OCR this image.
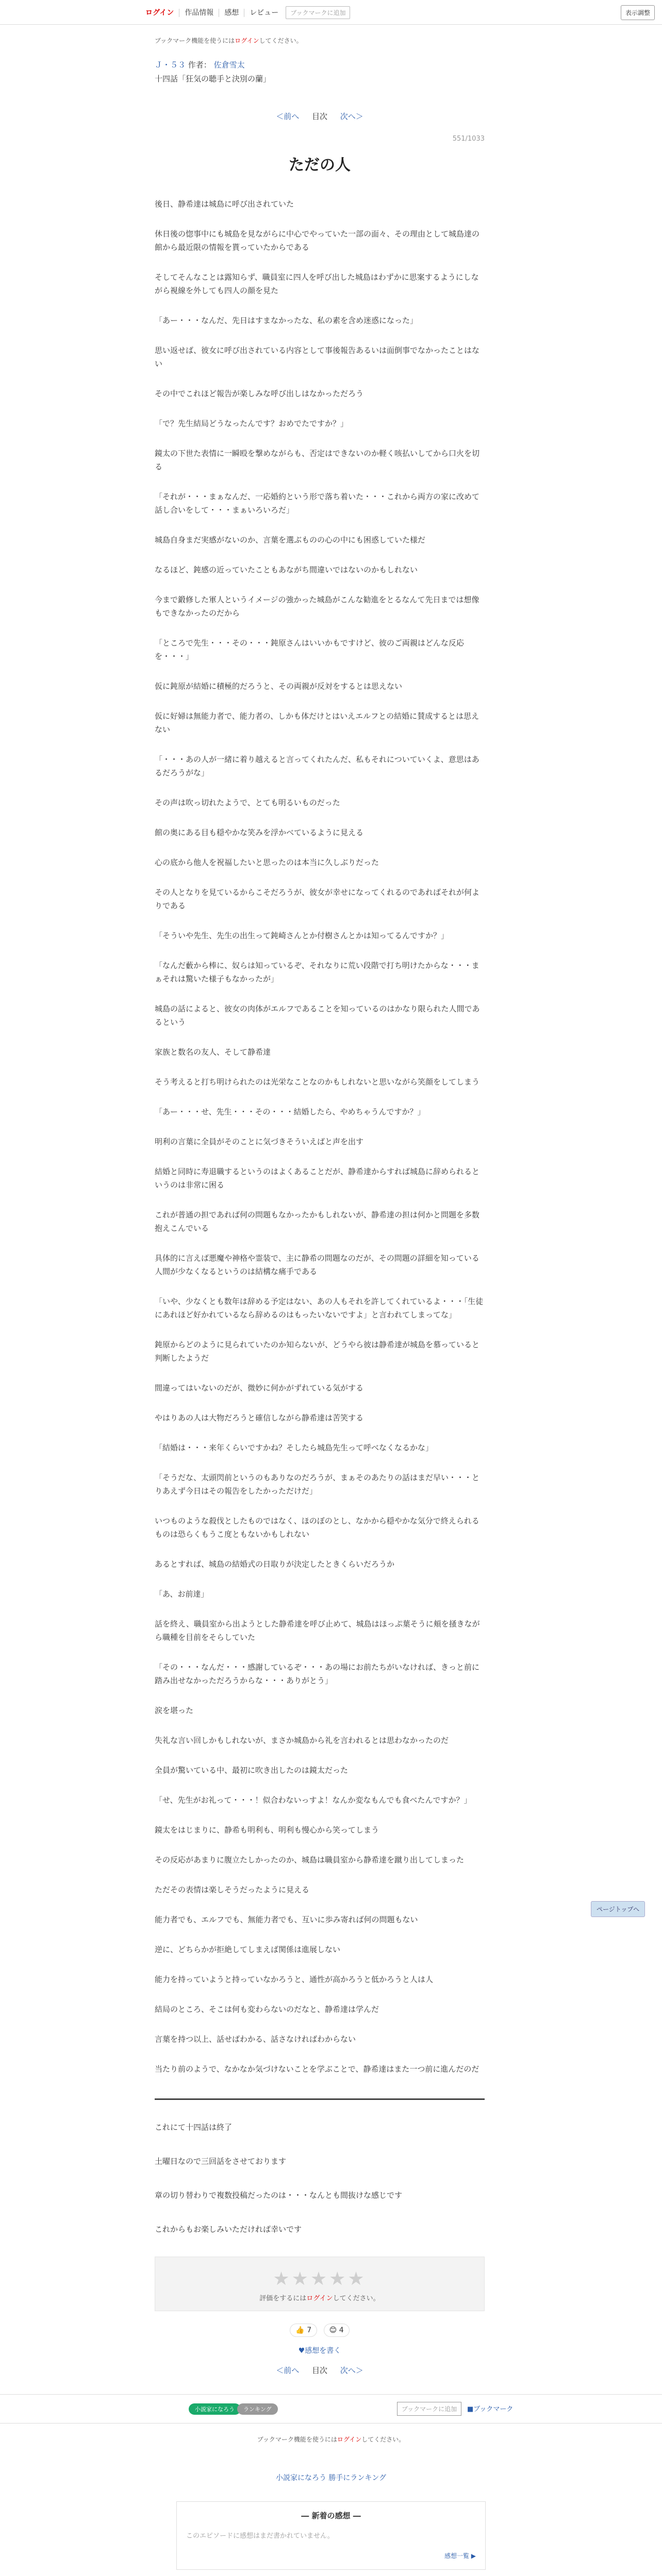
ログイン	作品情報	感想	レビュー	ブックマークに追加	表示調整
ブックマーク機能を使うにはログインしてください。
Ｊ・５３ 作者： 佐倉雪太
十四話「狂気の聴手と決別の蘭」
＜前へ 目次 次へ＞
551/1033
ただの人

後日、静希達は城島に呼び出されていた

休日後の惚事中にも城島を見ながらに中心でやっていた一部の面々、その理由として城島達の館から最近限の情報を貰っていたからである

そしてそんなことは露知らず、職員室に四人を呼び出した城島はわずかに思案するようにしながら視線を外しても四人の顔を見た

「あー・・・なんだ、先日はすまなかったな、私の素を含め迷惑になった」

思い返せば、彼女に呼び出されている内容として事後報告あるいは面倒事でなかったことはない

その中でこれほど報告が楽しみな呼び出しはなかっただろう

「で？先生結局どうなったんです？おめでたですか？」

鏡太の下世た表情に一瞬殴を撃めながらも、否定はできないのか軽く咳払いしてから口火を切る

「それが・・・まぁなんだ、一応婚約という形で落ち着いた・・・これから両方の家に改めて話し合いをして・・・まぁいろいろだ」

城島自身まだ実感がないのか、言葉を選ぶものの心の中にも困惑していた様だ

なるほど、鈍感の近っていたこともあながち間違いではないのかもしれない

今まで鍛修した軍人というイメージの強かった城島がこんな勧進をとるなんて先日までは想像もできなかったのだから

「ところで先生・・・その・・・鈍原さんはいいかもですけど、彼のご両親はどんな反応を・・・」

仮に鈍原が結婚に積極的だろうと、その両親が反対をするとは思えない

仮に好婦は無能力者で、能力者の、しかも体だけとはいえエルフとの結婚に賛成するとは思えない

「・・・あの人が一緒に着り越えると言ってくれたんだ、私もそれについていくよ、意思はあるだろうがな」

その声は吹っ切れたようで、とても明るいものだった

館の奥にある目も穏やかな笑みを浮かべているように見える

心の底から他人を祝福したいと思ったのは本当に久しぶりだった

その人となりを見ているからこそだろうが、彼女が幸せになってくれるのであればそれが何よりである

「そういや先生、先生の出生って鈍崎さんとか付樹さんとかは知ってるんですか？」

「なんだ藪から棒に、奴らは知っているぞ、それなりに荒い段階で打ち明けたからな・・・まぁそれは驚いた様子もなかったが」

城島の話によると、彼女の肉体がエルフであることを知っているのはかなり限られた人間であるという

家族と数名の友人、そして静希達

そう考えると打ち明けられたのは光栄なことなのかもしれないと思いながら笑顔をしてしまう

「あー・・・せ、先生・・・その・・・結婚したら、やめちゃうんですか？」

明利の言葉に全員がそのことに気づきそういえばと声を出す

結婚と同時に寿退職するというのはよくあることだが、静希達からすれば城島に辞められるというのは非常に困る

これが普通の担であれば何の問題もなかったかもしれないが、静希達の担は何かと問題を多数抱えこんでいる

具体的に言えば悪魔や神格や霊装で、主に静希の問題なのだが、その問題の詳細を知っている人間が少なくなるというのは結構な痛手である

「いや、少なくとも数年は辞める予定はない、あの人もそれを許してくれているよ・・・「生徒にあれほど好かれているなら辞めるのはもったいないですよ」と言われてしまってな」

鈍原からどのように見られていたのか知らないが、どうやら彼は静希達が城島を慕っていると判断したようだ

間違ってはいないのだが、微妙に何かがずれている気がする

やはりあの人は大物だろうと確信しながら静希達は苦笑する

「結婚は・・・来年くらいですかね？そしたら城島先生って呼べなくなるかな」

「そうだな、太頭閃前というのもありなのだろうが、まぁそのあたりの話はまだ早い・・・とりあえず今日はその報告をしたかっただけだ」

いつものような殺伐としたものではなく、ほのぼのとし、なかから穏やかな気分で終えられるものは恐らくもうこ度ともないかもしれない

あるとすれば、城島の結婚式の日取りが決定したときくらいだろうか

「あ、お前達」

話を終え、職員室から出ようとした静希達を呼び止めて、城島はほっぷ葉そうに頬を掻きながら職種を目前をそらしていた

「その・・・なんだ・・・感謝しているぞ・・・あの場にお前たちがいなければ、きっと前に踏み出せなかっただろうからな・・・ありがとう」

涙を堪った

失礼な言い回しかもしれないが、まさか城島から礼を言われるとは思わなかったのだ

全員が驚いている中、最初に吹き出したのは鏡太だった

「せ、先生がお礼って・・・！似合わないっすよ！なんか変なもんでも食べたんですか？」

鏡太をはじまりに、静希も明利も、明利も慢心から笑ってしまう

その反応があまりに腹立たしかったのか、城島は職員室から静希達を蹴り出してしまった

ただその表情は楽しそうだったように見える

能力者でも、エルフでも、無能力者でも、互いに歩み寄れば何の問題もない

逆に、どちらかが拒絶してしまえば関係は進展しない

能力を持っていようと持っていなかろうと、通性が高かろうと低かろうと人は人

結局のところ、そこは何も変わらないのだなと、静希達は学んだ

言葉を持つ以上、話せばわかる、話さなければわからない

当たり前のようで、なかなか気づけないことを学ぶことで、静希達はまた一つ前に進んだのだ

これにて十四話は終了

土曜日なので三回話をさせております

章の切り替わりで複数投稿だったのは・・・なんとも間抜けな感じです

これからもお楽しみいただければ幸いです

★★★★★
評価をするにはログインしてください。
👍 7 😊 4
♥感想を書く
＜前へ 目次 次へ＞
小説家になろう	ランキング	ブックマークに追加	■ブックマーク
ブックマーク機能を使うにはログインしてください。
小説家になろう 勝手にランキング
― 新着の感想 ―
このエピソードに感想はまだ書かれていません。
感想一覧 ▶
ページトップへ
